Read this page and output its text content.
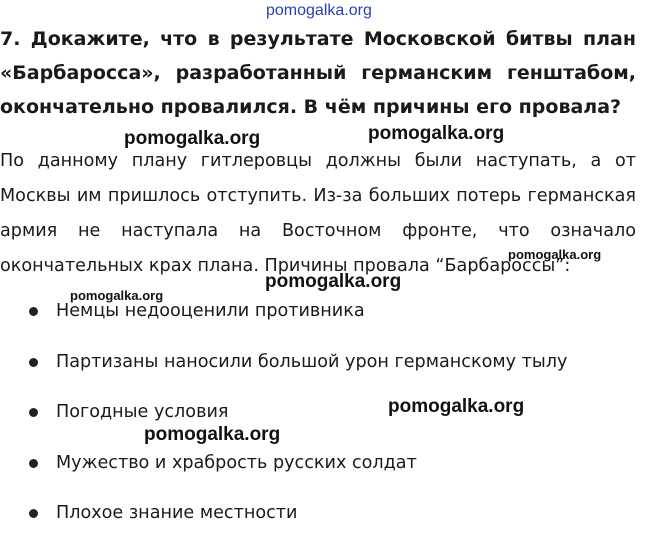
pomogalka.org

7. Докажите, что в результате Московской битвы план «Барбаросса», разработанный германским генштабом, окончательно провалился. В чём причины его провала?

По данному плану гитлеровцы должны были наступать, а от Москвы им пришлось отступить. Из-за больших потерь германская армия не наступала на Восточном фронте, что означало окончательных крах плана. Причины провала “Барбароссы”:

Немцы недооценили противника
Партизаны наносили большой урон германскому тылу
Погодные условия
Мужество и храбрость русских солдат
Плохое знание местности
pomogalka.org	pomogalka.org
pomogalka.org
pomogalka.org
pomogalka.org
pomogalka.org
pomogalka.org
